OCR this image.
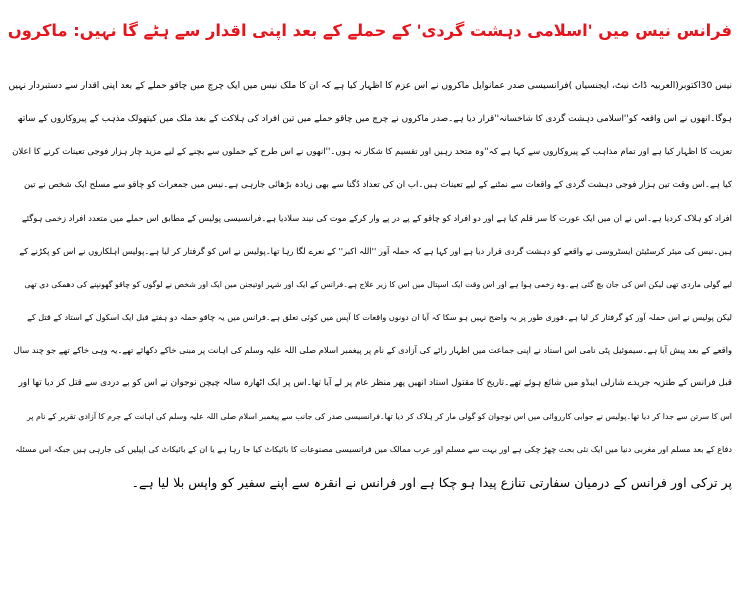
فرانس نیس میں 'اسلامی دہشت گردی' کے حملے کے بعد اپنی اقدار سے ہٹے گا نہیں: ماکروں
نیس 30اکتوبر(العربیہ ڈاٹ نیٹ، ایجنسیاں )فرانسیسی صدر عمانوایل ماکروں نے اس عزم کا اظہار کیا ہے کہ ان کا ملک نیس میں ایک چرچ میں چاقو حملے کے بعد اپنی اقدار سے دستبردار نہیں
ہوگا۔انھوں نے اس واقعہ کو''اسلامی دہشت گردی کا شاخسانہ''قرار دیا ہے۔صدر ماکروں نے چرچ میں چاقو حملے میں تین افراد کی ہلاکت کے بعد ملک میں کیتھولک مذہب کے پیروکاروں کے ساتھ
تعزیت کا اظہار کیا ہے اور تمام مذاہب کے پیروکاروں سے کہا ہے کہ''وہ متحد رہیں اور تقسیم کا شکار نہ ہوں۔''انھوں نے اس طرح کے حملوں سے بچنے کے لیے مزید چار ہزار فوجی تعینات کرنے کا اعلان
کیا ہے۔اس وقت تین ہزار فوجی دہشت گردی کے واقعات سے نمٹنے کے لیے تعینات ہیں۔اب ان کی تعداد دُگنا سے بھی زیادہ بڑھائی جارہی ہے۔نیس میں جمعرات کو چاقو سے مسلح ایک شخص نے تین
افراد کو ہلاک کردیا ہے۔اس نے ان میں ایک عورت کا سر قلم کیا ہے اور دو افراد کو چاقو کے پے در پے وار کرکے موت کی نیند سلادیا ہے۔فرانسیسی پولیس کے مطابق اس حملے میں متعدد افراد زخمی ہوگئے
ہیں۔نیس کی میئر کرسٹیئن ایسٹروسی نے واقعے کو دہشت گردی قرار دیا ہے اور کہا ہے کہ حملہ آور ''اللہ اکبر'' کے نعرے لگا رہا تھا۔پولیس نے اس کو گرفتار کر لیا ہے۔پولیس اہلکاروں نے اس کو پکڑنے کے
لیے گولی ماردی تھی لیکن اس کی جان بچ گئی ہے۔وہ زخمی ہوا ہے اور اس وقت ایک اسپتال میں اس کا زیر علاج ہے۔فرانس کے ایک اور شہر اوتیجنن میں ایک اور شخص نے لوگوں کو چاقو گھونپنے کی دھمکی دی تھی
لیکن پولیس نے اس حملہ آور کو گرفتار کر لیا ہے۔فوری طور پر یہ واضح نہیں ہو سکا کہ آیا ان دونوں واقعات کا آپس میں کوئی تعلق ہے۔فرانس میں یہ چاقو حملہ دو ہفتے قبل ایک اسکول کے استاد کے قتل کے
واقعے کے بعد پیش آیا ہے۔سیموئیل پٹی نامی اس استاد نے اپنی جماعت میں اظہار رائے کی آزادی کے نام پر پیغمبر اسلام صلی اللہ علیہ وسلم کی اہانت پر مبنی خاکے دکھائے تھے۔یہ وہی خاکے تھے جو چند سال
قبل فرانس کے طنزیہ جریدے شارلی ایبڈو میں شائع ہوئے تھے۔تاریخ کا مقتول استاد انھیں پھر منظر عام پر لے آیا تھا۔اس پر ایک اٹھارہ سالہ چیچن نوجوان نے اس کو بے دردی سے قتل کر دیا تھا اور
اس کا سرتن سے جدا کر دیا تھا۔پولیس نے جوابی کارروائی میں اس نوجوان کو گولی مار کر ہلاک کر دیا تھا۔فرانسیسی صدر کی جانب سے پیغمبر اسلام صلی اللہ علیہ وسلم کی اہانت کے جرم کا آزادی تقریر کے نام پر
دفاع کے بعد مسلم اور مغربی دنیا میں ایک نئی بحث چھڑ چکی ہے اور بہت سے مسلم اور عرب ممالک میں فرانسیسی مصنوعات کا بائیکاٹ کیا جا رہا ہے یا ان کے بائیکاٹ کی اپیلیں کی جارہی ہیں جبکہ اس مسئلہ
پر ترکی اور فرانس کے درمیان سفارتی تنازع پیدا ہو چکا ہے اور فرانس نے انقرہ سے اپنے سفیر کو واپس بلا لیا ہے۔
